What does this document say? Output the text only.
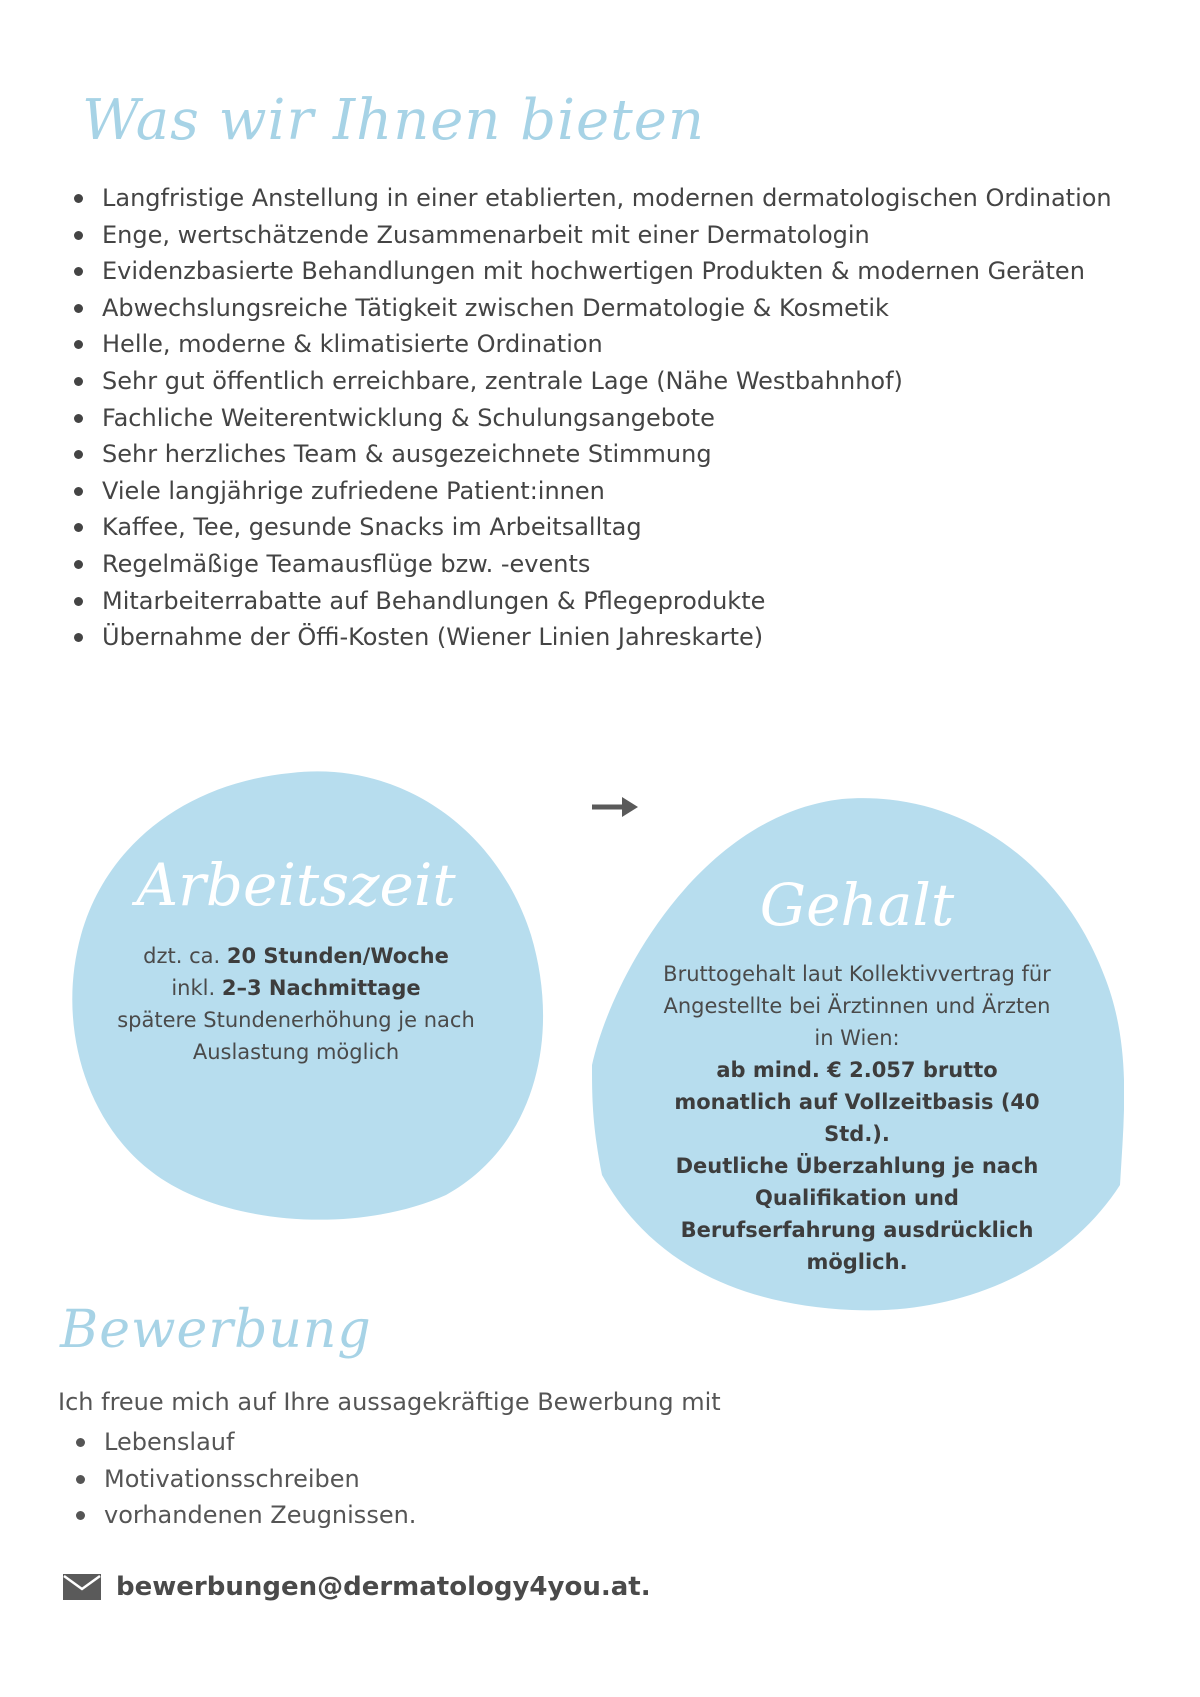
Was wir Ihnen bieten
Langfristige Anstellung in einer etablierten, modernen dermatologischen Ordination
Enge, wertschätzende Zusammenarbeit mit einer Dermatologin
Evidenzbasierte Behandlungen mit hochwertigen Produkten & modernen Geräten
Abwechslungsreiche Tätigkeit zwischen Dermatologie & Kosmetik
Helle, moderne & klimatisierte Ordination
Sehr gut öffentlich erreichbare, zentrale Lage (Nähe Westbahnhof)
Fachliche Weiterentwicklung & Schulungsangebote
Sehr herzliches Team & ausgezeichnete Stimmung
Viele langjährige zufriedene Patient:innen
Kaffee, Tee, gesunde Snacks im Arbeitsalltag
Regelmäßige Teamausflüge bzw. -events
Mitarbeiterrabatte auf Behandlungen & Pflegeprodukte
Übernahme der Öffi-Kosten (Wiener Linien Jahreskarte)
Arbeitszeit
dzt. ca. 20 Stunden/Woche
inkl. 2–3 Nachmittage
spätere Stundenerhöhung je nach Auslastung möglich
Gehalt
Bruttogehalt laut Kollektivvertrag für Angestellte bei Ärztinnen und Ärzten in Wien:
ab mind. € 2.057 brutto monatlich auf Vollzeitbasis (40 Std.).
Deutliche Überzahlung je nach Qualifikation und Berufserfahrung ausdrücklich möglich.
Bewerbung

Ich freue mich auf Ihre aussagekräftige Bewerbung mit

Lebenslauf
Motivationsschreiben
vorhandenen Zeugnissen.
bewerbungen@dermatology4you.at.
